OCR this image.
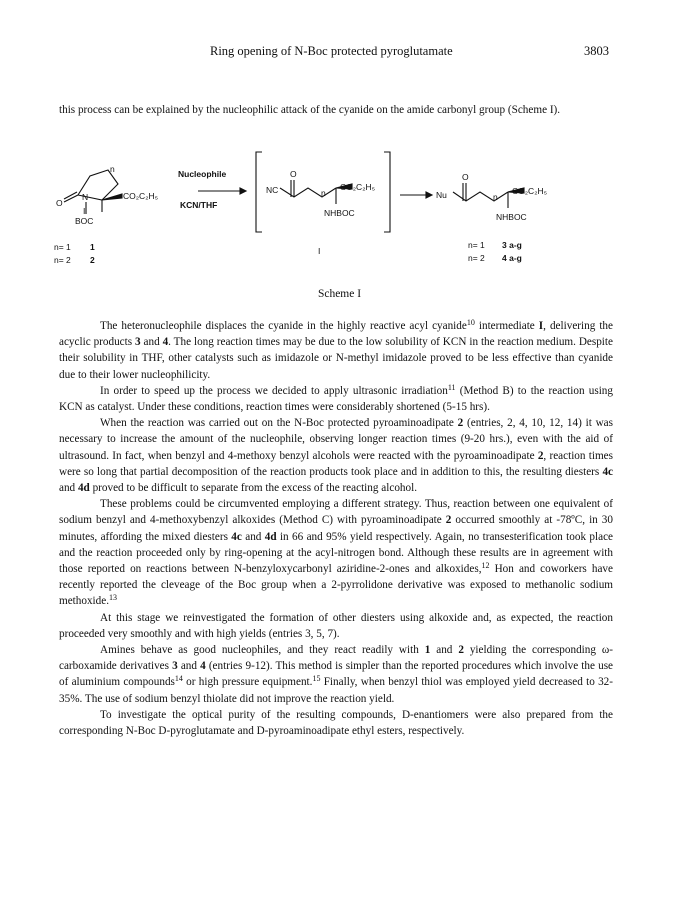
Ring opening of N-Boc protected pyroglutamate	3803

this process can be explained by the nucleophilic attack of the cyanide on the amide carbonyl group (Scheme I).

n
CO₂C₂H₅
O
N
BOC
Nucleophile
KCN/THF
NC
O
n
CO₂C₂H₅
NHBOC
Nu
O
n
CO₂C₂H₅
NHBOC
I
n= 1 1
n= 2 2
n= 1 3 a-g
n= 2 4 a-g
I
Scheme I

The heteronucleophile displaces the cyanide in the highly reactive acyl cyanide$^{10}$ intermediate I, delivering the acyclic products 3 and 4. The long reaction times may be due to the low solubility of KCN in the reaction medium. Despite their solubility in THF, other catalysts such as imidazole or N-methyl imidazole proved to be less effective than cyanide due to their lower nucleophilicity.

In order to speed up the process we decided to apply ultrasonic irradiation$^{11}$ (Method B) to the reaction using KCN as catalyst. Under these conditions, reaction times were considerably shortened (5-15 hrs).

When the reaction was carried out on the N-Boc protected pyroaminoadipate 2 (entries, 2, 4, 10, 12, 14) it was necessary to increase the amount of the nucleophile, observing longer reaction times (9-20 hrs.), even with the aid of ultrasound. In fact, when benzyl and 4-methoxy benzyl alcohols were reacted with the pyroaminoadipate 2, reaction times were so long that partial decomposition of the reaction products took place and in addition to this, the resulting diesters 4c and 4d proved to be difficult to separate from the excess of the reacting alcohol.

These problems could be circumvented employing a different strategy. Thus, reaction between one equivalent of sodium benzyl and 4-methoxybenzyl alkoxides (Method C) with pyroaminoadipate 2 occurred smoothly at -78ºC, in 30 minutes, affording the mixed diesters 4c and 4d in 66 and 95% yield respectively. Again, no transesterification took place and the reaction proceeded only by ring-opening at the acyl-nitrogen bond. Although these results are in agreement with those reported on reactions between N-benzyloxycarbonyl aziridine-2-ones and alkoxides,$^{12}$ Hon and coworkers have recently reported the cleveage of the Boc group when a 2-pyrrolidone derivative was exposed to methanolic sodium methoxide.$^{13}$

At this stage we reinvestigated the formation of other diesters using alkoxide and, as expected, the reaction proceeded very smoothly and with high yields (entries 3, 5, 7).

Amines behave as good nucleophiles, and they react readily with 1 and 2 yielding the corresponding ω-carboxamide derivatives 3 and 4 (entries 9-12). This method is simpler than the reported procedures which involve the use of aluminium compounds$^{14}$ or high pressure equipment.$^{15}$ Finally, when benzyl thiol was employed yield decreased to 32-35%. The use of sodium benzyl thiolate did not improve the reaction yield.

To investigate the optical purity of the resulting compounds, D-enantiomers were also prepared from the corresponding N-Boc D-pyroglutamate and D-pyroaminoadipate ethyl esters, respectively.
